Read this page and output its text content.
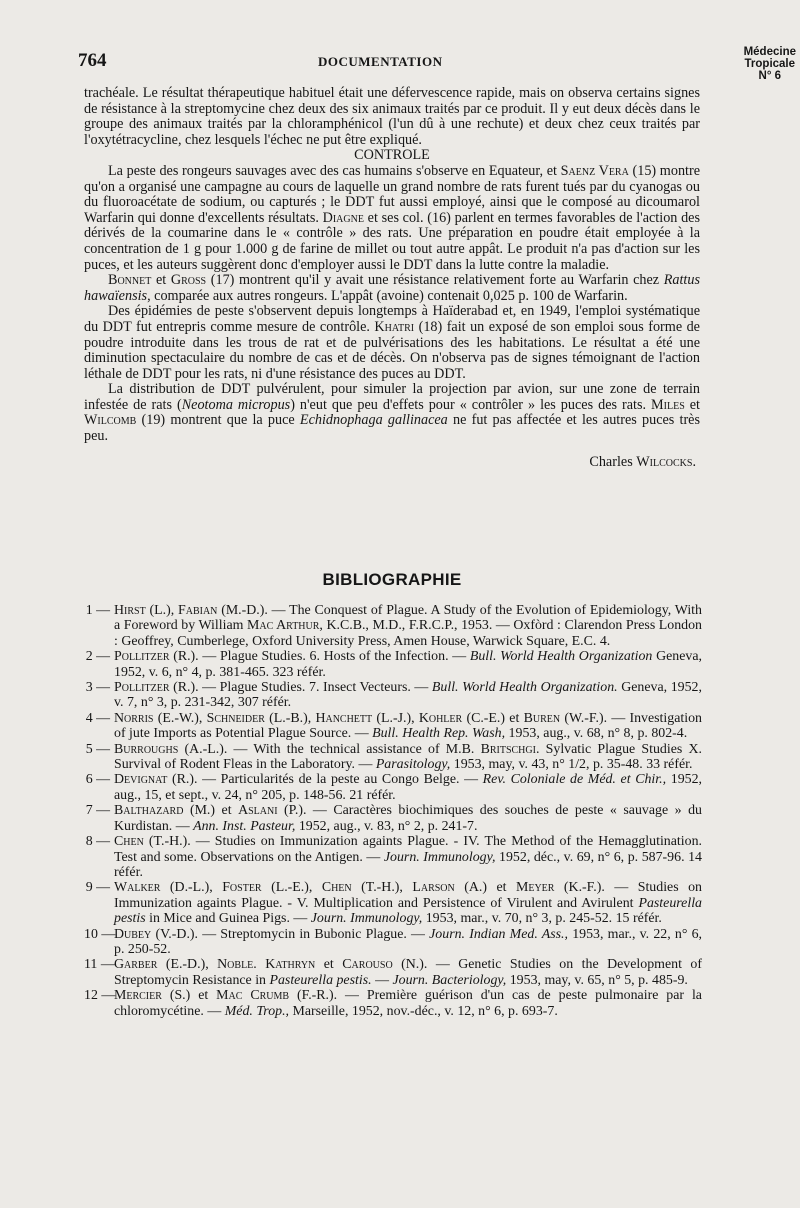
764	DOCUMENTATION
Médecine
Tropicale
N° 6

trachéale. Le résultat thérapeutique habituel était une défervescence rapide, mais on observa certains signes de résistance à la streptomycine chez deux des six animaux traités par ce produit. Il y eut deux décès dans le groupe des animaux traités par la chloramphénicol (l'un dû à une rechute) et deux chez ceux traités par l'oxytétracycline, chez lesquels l'échec ne put être expliqué.

CONTROLE

La peste des rongeurs sauvages avec des cas humains s'observe en Equateur, et Saenz Vera (15) montre qu'on a organisé une campagne au cours de laquelle un grand nombre de rats furent tués par du cyanogas ou du fluoroacétate de sodium, ou capturés ; le DDT fut aussi employé, ainsi que le composé au dicoumarol Warfarin qui donne d'excellents résultats. Diagne et ses col. (16) parlent en termes favorables de l'action des dérivés de la coumarine dans le « contrôle » des rats. Une préparation en poudre était employée à la concentration de 1 g pour 1.000 g de farine de millet ou tout autre appât. Le produit n'a pas d'action sur les puces, et les auteurs suggèrent donc d'employer aussi le DDT dans la lutte contre la maladie.

Bonnet et Gross (17) montrent qu'il y avait une résistance relativement forte au Warfarin chez Rattus hawaïensis, comparée aux autres rongeurs. L'appât (avoine) contenait 0,025 p. 100 de Warfarin.

Des épidémies de peste s'observent depuis longtemps à Haïderabad et, en 1949, l'emploi systématique du DDT fut entrepris comme mesure de contrôle. Khatri (18) fait un exposé de son emploi sous forme de poudre introduite dans les trous de rat et de pulvérisations des les habitations. Le résultat a été une diminution spectaculaire du nombre de cas et de décès. On n'observa pas de signes témoignant de l'action léthale de DDT pour les rats, ni d'une résistance des puces au DDT.

La distribution de DDT pulvérulent, pour simuler la projection par avion, sur une zone de terrain infestée de rats (Neotoma micropus) n'eut que peu d'effets pour « contrôler » les puces des rats. Miles et Wilcomb (19) montrent que la puce Echidnophaga gallinacea ne fut pas affectée et les autres puces très peu.

Charles Wilcocks.

BIBLIOGRAPHIE
1 — Hirst (L.), Fabian (M.-D.). — The Conquest of Plague. A Study of the Evolution of Epidemiology, With a Foreword by William Mac Arthur, K.C.B., M.D., F.R.C.P., 1953. — Oxfòrd : Clarendon Press London : Geoffrey, Cumberlege, Oxford University Press, Amen House, Warwick Square, E.C. 4.
2 — Pollitzer (R.). — Plague Studies. 6. Hosts of the Infection. — Bull. World Health Organization Geneva, 1952, v. 6, n° 4, p. 381-465. 323 référ.
3 — Pollitzer (R.). — Plague Studies. 7. Insect Vecteurs. — Bull. World Health Organization. Geneva, 1952, v. 7, n° 3, p. 231-342, 307 référ.
4 — Norris (E.-W.), Schneider (L.-B.), Hanchett (L.-J.), Kohler (C.-E.) et Buren (W.-F.). — Investigation of jute Imports as Potential Plague Source. — Bull. Health Rep. Wash, 1953, aug., v. 68, n° 8, p. 802-4.
5 — Burroughs (A.-L.). — With the technical assistance of M.B. Britschgi. Sylvatic Plague Studies X. Survival of Rodent Fleas in the Laboratory. — Parasitology, 1953, may, v. 43, n° 1/2, p. 35-48. 33 référ.
6 — Devignat (R.). — Particularités de la peste au Congo Belge. — Rev. Coloniale de Méd. et Chir., 1952, aug., 15, et sept., v. 24, n° 205, p. 148-56. 21 référ.
7 — Balthazard (M.) et Aslani (P.). — Caractères biochimiques des souches de peste « sauvage » du Kurdistan. — Ann. Inst. Pasteur, 1952, aug., v. 83, n° 2, p. 241-7.
8 — Chen (T.-H.). — Studies on Immunization againts Plague. - IV. The Method of the Hemagglutination. Test and some. Observations on the Antigen. — Journ. Immunology, 1952, déc., v. 69, n° 6, p. 587-96. 14 référ.
9 — Walker (D.-L.), Foster (L.-E.), Chen (T.-H.), Larson (A.) et Meyer (K.-F.). — Studies on Immunization againts Plague. - V. Multiplication and Persistence of Virulent and Avirulent Pasteurella pestis in Mice and Guinea Pigs. — Journ. Immunology, 1953, mar., v. 70, n° 3, p. 245-52. 15 référ.
10 —
Dubey (V.-D.). — Streptomycin in Bubonic Plague. — Journ. Indian Med. Ass., 1953, mar., v. 22, n° 6, p. 250-52.
11 — Garber (E.-D.), Noble. Kathryn et Carouso (N.). — Genetic Studies on the Development of Streptomycin Resistance in Pasteurella pestis. — Journ. Bacteriology, 1953, may, v. 65, n° 5, p. 485-9.
12 —
Mercier (S.) et Mac Crumb (F.-R.). — Première guérison d'un cas de peste pulmonaire par la chloromycétine. — Méd. Trop., Marseille, 1952, nov.-déc., v. 12, n° 6, p. 693-7.
